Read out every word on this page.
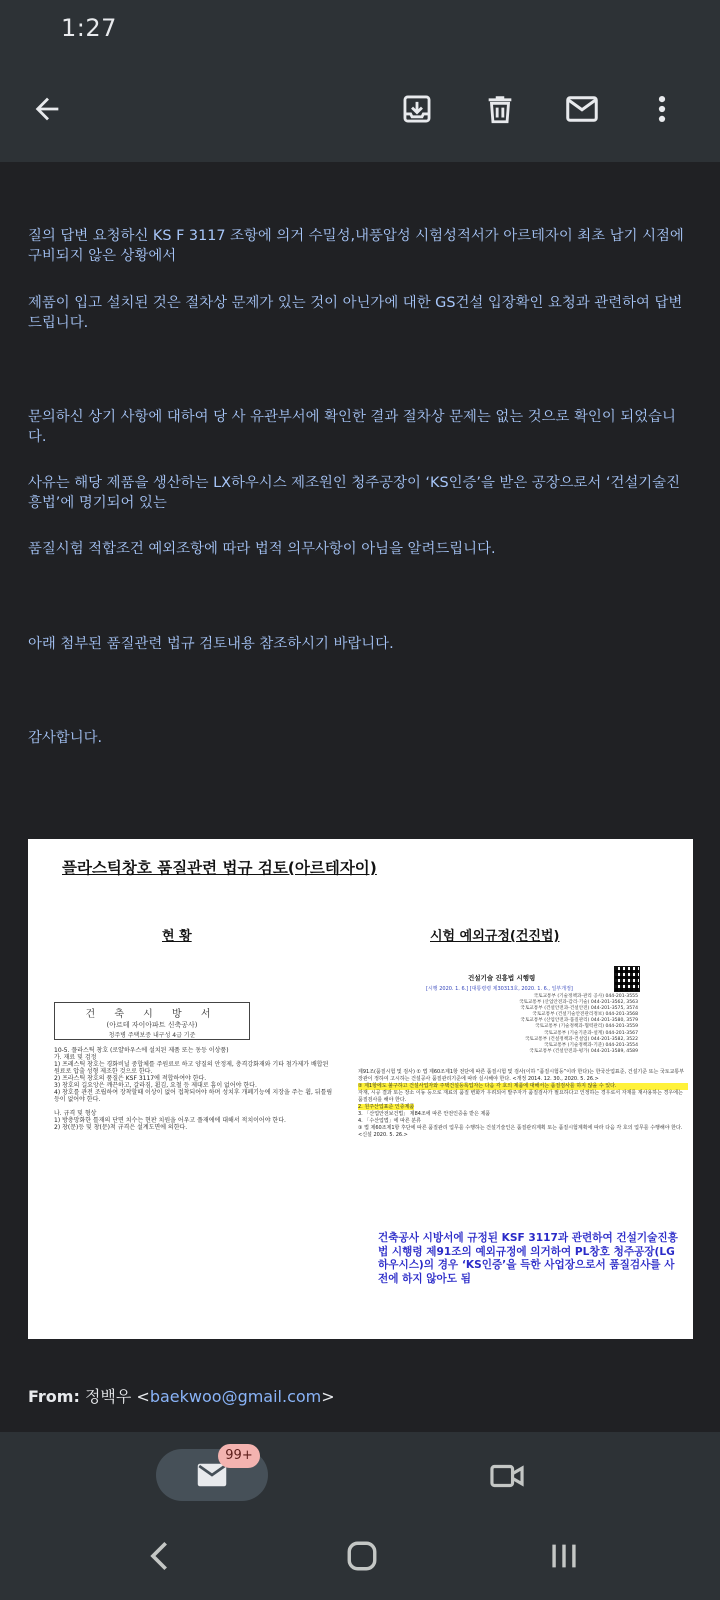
1:27
질의 답변 요청하신 KS F 3117 조항에 의거 수밀성,내풍압성 시험성적서가 아르테자이 최초 납기 시점에 구비되지 않은 상황에서
제품이 입고 설치된 것은 절차상 문제가 있는 것이 아닌가에 대한 GS건설 입장확인 요청과 관련하여 답변 드립니다.
문의하신 상기 사항에 대하여 당 사 유관부서에 확인한 결과 절차상 문제는 없는 것으로 확인이 되었습니다.
사유는 해당 제품을 생산하는 LX하우시스 제조원인 청주공장이 ‘KS인증’을 받은 공장으로서 ‘건설기술진흥법’에 명기되어 있는
품질시험 적합조건 예외조항에 따라 법적 의무사항이 아님을 알려드립니다.
아래 첨부된 품질관련 법규 검토내용 참조하시기 바랍니다.
감사합니다.
플라스틱창호 품질관련 법규 검토(아르테자이)
현 황	시험 예외규정(건진법)
건 축 시 방 서
(아르테 자이아파트 신축공사)
청주병 주택보증 내구성 4급 기준
10-5. 플라스틱 창호 (로얄하우스에 설치된 제품 또는 동등 이상품)
가. 재료 및 검정
1) 프레스틱 창호는 경화비닐 중합체를 주원료로 하고 양질의 안정제, 충격강화재와 기타 첨가제가 배합된 원료로 압출 성형 제조한 것으로 한다.
2) 프라스틱 창호의 품질은 KSF 3117에 적합하여야 한다.
3) 창호의 길요앙은 깨끈하고, 갈라짐, 휨김, 요철 등 제대로 흠이 없어야 한다.
4) 창호를 관전 조립하여 장착할때 이상이 없어 접착되어야 하며 성치후 개폐기능에 지장을 주는 휨, 뒤틀림등이 없어야 한다.

나. 규격 및 형상
1) 방충망화한 틀재의 단면 치수는 현판 치원을 어우고 플재에에 대해서 적치이어야 한다.
2) 창(문)등 및 창(문)척 규격은 설계도면에 의한다.
건설기술 진흥법 시행령
[시행 2020. 1. 6.] [대통령령 제30313호, 2020. 1. 6., 일부개정]
국토교통부 (기술정책과-관리 공사) 044-201-3555
국토교통부 (산업안전과-감리·기술) 044-201-3562, 3563
국토교통부 (건설안전과-건설안전) 044-201-3575, 3574
국토교통부 (건설기술안전관리정보) 044-201-3568
국토교통부 (산업안전과-품질관리) 044-201-3580, 3579
국토교통부 (기술정책과-협력관리) 044-201-3559
국토교통부 (기술기준과-설계) 044-201-3567
국토교통부 (건설정책과-건설업) 044-201-3582, 3522
국토교통부 (기술정책과-기준) 044-201-3554
국토교통부 (건설안전과-평가) 044-201-3589, 4589
제91조(품질시험 및 검사) ① 법 제60조제1항 전단에 따른 품질시험 및 검사(이하 “품질시험등”이라 한다)는 한국산업표준, 건설기준 또는 국토교통부장관이 정하여 고시하는 건설공사 품질관리기준에 따라 실시해야 한다. <개정 2014. 12. 30., 2020. 5. 26.>
② 제1항에도 불구하고 건설사업자와 주택건설등록업자는 다음 각 호의 제품에 대해서는 품질검사를 하지 않을 수 있다.
자재, 시공 결과 또는 장소 이동 등으로 재료의 품질 변화가 우려되어 발주자가 품질검사가 필요하다고 인정하는 경우로서 자재를 재사용하는 경우에는 품질검사를 해야 한다.
2. 원주산업표준 인증제품
3. 「산업안전보건법」 제84조에 따른 안전인증을 받은 제품
4. 「수산업법」에 따른 분류
③ 법 제60조제1항 후단에 따른 품질관리 업무를 수행하는 건설기술인은 품질관리계획 또는 품질시험계획에 따라 다음 각 호의 업무를 수행해야 한다. <신설 2020. 5. 26.>
건축공사 시방서에 규정된 KSF 3117과 관련하여 건설기술진흥법 시행령 제91조의 예외규정에 의거하여 PL창호 청주공장(LG하우시스)의 경우 ‘KS인증’을 득한 사업장으로서 품질검사를 사전에 하지 않아도 됨
From: 정백우 <baekwoo@gmail.com>
99+
